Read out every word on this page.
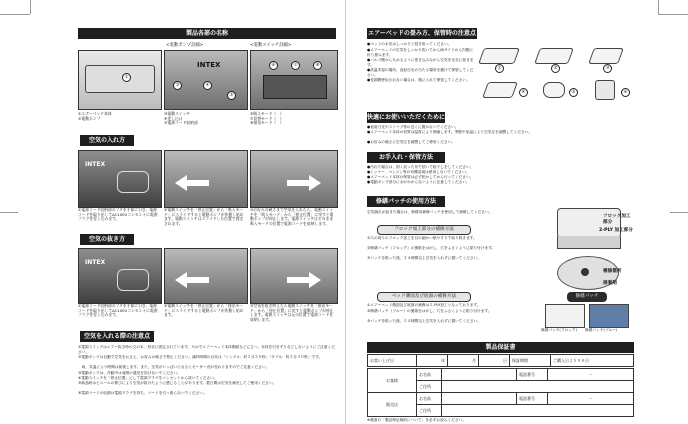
製品各部の名称
<電動ポンプ詳細>	<電動スイッチ詳細>
①
INTEX
③	④
⑤
⑥	⑦	⑧
①エアーベッド本体
②電動ポンプ
③電動スイッチ
④差し込口
⑤電源コード収納部
⑥吸入モード（　）
⑦切替モード（　）
⑧排気モード（　）
空気の入れ方
INTEX
①電源コード収納部のフタを手前に引き、電源コードを取り出してAC100Vコンセントに電源プラグを差し込みます。
②電動スイッチを「停止位置」から「吸入モード」にスライドすると電動ポンプが作動し始めます。電動スイッチはスライドした位置で固定されます。
③お好みの硬さまで空気を入れたら、電動スイッチを「吸入モード」から「停止位置」に戻すと電動ポンプが停止します。電源スイッチはそのまま吸入モードの位置で電源コードを収納します。
空気の抜き方
INTEX
①電源コード収納部のフタを手前に引き、電源コードを取り出してAC100Vコンセントに電源プラグを差し込みます。
②電動スイッチを「停止位置」から「排出モード」にスライドすると電動ポンプが作動し始めます。
③空気を抜き終えたら電動スイッチを「排出モード」から「停止位置」に戻すと電動ポンプが停止します。電源スイッチは元の位置で電源コードを収納します。
空気を入れる際の注意点
①電源スイッチはエアー抜き時の文の本、形状に固定されています。やかでエアーベッド本体側面などに立つ、本体を引きずりなどしないようにご注意ください。
②電動ポンプは自動で空気をおさえ、お好みの硬さで停止ください。満杯時間の目安は「シングル：約２分３０秒」「ダブル：約３分３０秒」です。
　尚、気温により時間は前後します。また、空気がいっぱいになるとモーター音が変わりますのでご注意ください。
③電動ポンプは、作動中は周囲の通気を妨げないでください。
④電動スイッチを「停止位置」にして電源プラグをコンセントから抜いてください。
⑤新品時はビニールの伸びにより空気が抜けたように感じることがあります。数日間は空気を補充してご使用ください。
⑥電源コードの収納は電源プラグを持ち、コードを引っ張らないでください。
エアーベッドの畳み方、保管時の注意点
●ベッドの水気はしっかりと拭き取ってください。
●エアーベッドの空気をしっかり抜いてから両サイドから内側に折り畳みます。
●バルブ側から丸めるように巻き込みながら空気を完全に抜きます。
●高温多湿の場所、直射日光の当たる場所を避けて保管してください。
●長期間使用されない場合は、箱に入れて保管してください。
①	②	③
④	⑤	⑥
快適にお使いいただくために
●直射日光やストーブ等の近くに置かないでください。
●エアーベッド本体の材質は温度により伸縮します。季節や室温により空気圧を調整してください。
●お好みの硬さに空気圧を調整してご使用ください。
お手入れ・保管方法
●汚れた場合は、固く絞った布で拭いて陰干しをしてください。
●シンナー、ベンジン等の有機溶剤は使用しないでください。
●エアーベッド本体の保管は必ず乾かしてから行ってください。
●電動ポンプ部分に水がかからないように注意してください。
修繕パッチの使用方法
空気漏れが起きた場合は、修繕用補修パッチを使用して補修してください。
フロック加工部分の補修方法
①穴の周りのフロック加工を目の細かい紙やすりで取り除きます。
②修繕パッチ（フロック）の裏紙をはがし、穴をふさぐように貼り付けます。
③パッチを貼った後、２４時間以上空気を入れずに置いてください。
ベッド側面及び底面の補修方法
①エアーベッド側面及び底面の補修は２-PLY加工となっております。
②修繕パッチ（ブルー）の裏紙をはがし、穴をふさぐように貼り付けます。
③パッチを貼った後、２４時間以上空気を入れずに置いてください。
フロック加工部分
2-PLY 加工部分
補修箇所
接着剤
修繕パッチ
修繕パッチ(フロック)	修繕パッチ(ブルー)
製品保証書
お買い上げ日	年	月	日	保証期間	ご購入日より９０日
お客様	お名前		電話番号	－
	ご住所			
販売店	お名前		電話番号	－
	ご住所			
※裏面の「製品保証規約について」を必ずお読みください。
